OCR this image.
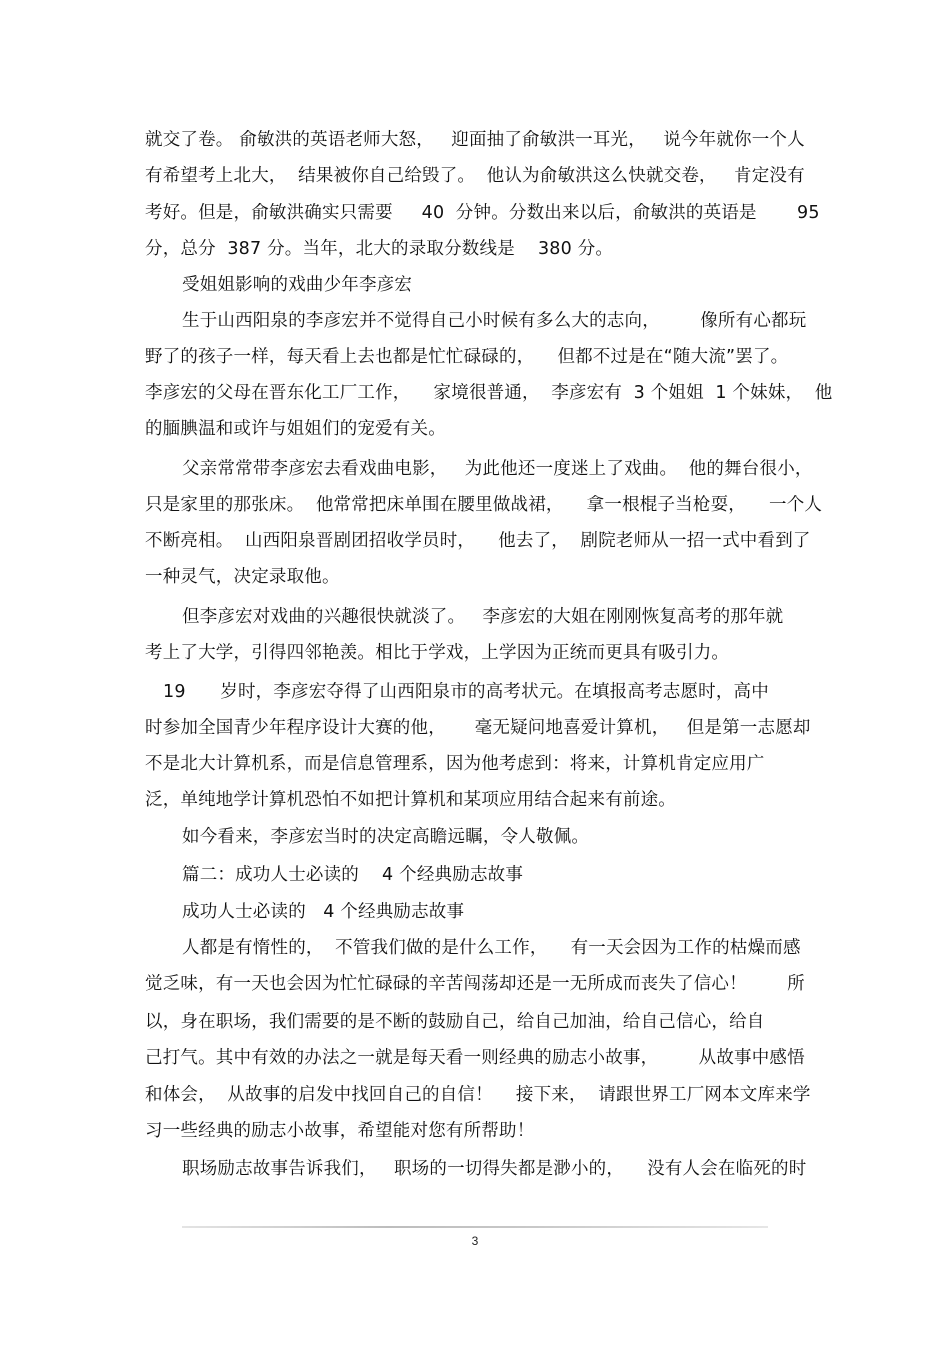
就交了卷。 俞敏洪的英语老师大怒，   迎面抽了俞敏洪一耳光，   说今年就你一个人
有希望考上北大，  结果被你自己给毁了。  他认为俞敏洪这么快就交卷，   肯定没有
考好。但是，俞敏洪确实只需要     40  分钟。分数出来以后，俞敏洪的英语是       95
分，总分  387 分。当年，北大的录取分数线是    380 分。
受姐姐影响的戏曲少年李彦宏
生于山西阳泉的李彦宏并不觉得自己小时候有多么大的志向，       像所有心都玩
野了的孩子一样，每天看上去也都是忙忙碌碌的，    但都不过是在“随大流”罢了。
李彦宏的父母在晋东化工厂工作，    家境很普通，  李彦宏有  3 个姐姐  1 个妹妹，  他
的腼腆温和或许与姐姐们的宠爱有关。
父亲常常带李彦宏去看戏曲电影，   为此他还一度迷上了戏曲。  他的舞台很小，
只是家里的那张床。  他常常把床单围在腰里做战裙，    拿一根棍子当枪耍，    一个人
不断亮相。  山西阳泉晋剧团招收学员时，    他去了，  剧院老师从一招一式中看到了
一种灵气，决定录取他。
但李彦宏对戏曲的兴趣很快就淡了。   李彦宏的大姐在刚刚恢复高考的那年就
考上了大学，引得四邻艳羡。相比于学戏，上学因为正统而更具有吸引力。
19      岁时，李彦宏夺得了山西阳泉市的高考状元。在填报高考志愿时，高中
时参加全国青少年程序设计大赛的他，     毫无疑问地喜爱计算机，   但是第一志愿却
不是北大计算机系，而是信息管理系，因为他考虑到：将来，计算机肯定应用广
泛，单纯地学计算机恐怕不如把计算机和某项应用结合起来有前途。
如今看来，李彦宏当时的决定高瞻远瞩，令人敬佩。
篇二：成功人士必读的    4 个经典励志故事
成功人士必读的   4 个经典励志故事
人都是有惰性的，  不管我们做的是什么工作，    有一天会因为工作的枯燥而感
觉乏味，有一天也会因为忙忙碌碌的辛苦闯荡却还是一无所成而丧失了信心！       所
以，身在职场，我们需要的是不断的鼓励自己，给自己加油，给自己信心，给自
己打气。其中有效的办法之一就是每天看一则经典的励志小故事，       从故事中感悟
和体会，  从故事的启发中找回自己的自信！    接下来，  请跟世界工厂网本文库来学
习一些经典的励志小故事，希望能对您有所帮助！
职场励志故事告诉我们，   职场的一切得失都是渺小的，    没有人会在临死的时
3
